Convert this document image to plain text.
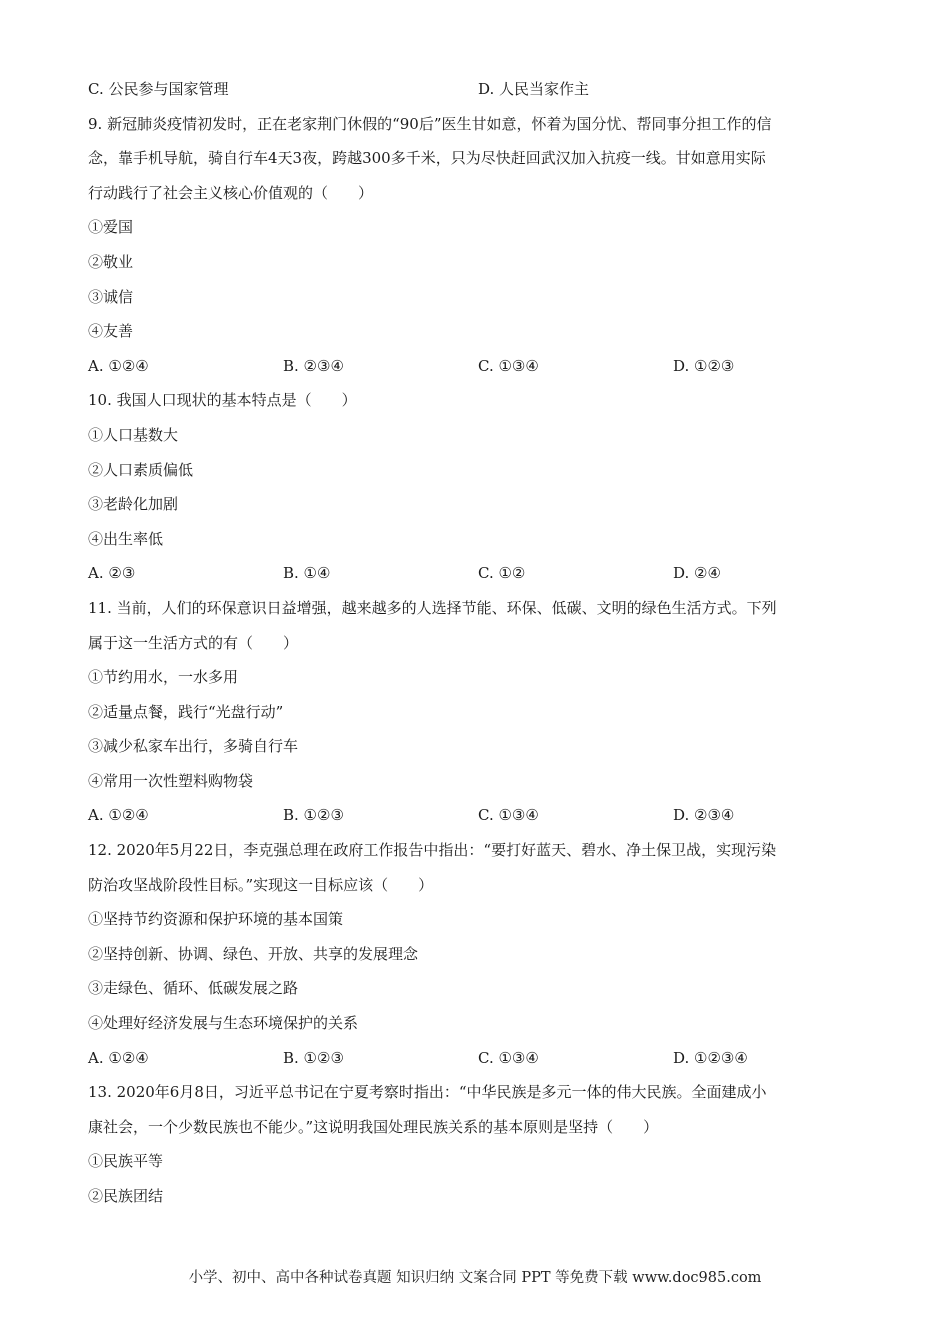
C. 公民参与国家管理	D. 人民当家作主
9. 新冠肺炎疫情初发时，正在老家荆门休假的“90后”医生甘如意，怀着为国分忧、帮同事分担工作的信
念，靠手机导航，骑自行车4天3夜，跨越300多千米，只为尽快赶回武汉加入抗疫一线。甘如意用实际
行动践行了社会主义核心价值观的（　　）
①爱国
②敬业
③诚信
④友善
A. ①②④	B. ②③④	C. ①③④	D. ①②③
10. 我国人口现状的基本特点是（　　）
①人口基数大
②人口素质偏低
③老龄化加剧
④出生率低
A. ②③	B. ①④	C. ①②	D. ②④
11. 当前，人们的环保意识日益增强，越来越多的人选择节能、环保、低碳、文明的绿色生活方式。下列
属于这一生活方式的有（　　）
①节约用水，一水多用
②适量点餐，践行“光盘行动”
③减少私家车出行，多骑自行车
④常用一次性塑料购物袋
A. ①②④	B. ①②③	C. ①③④	D. ②③④
12. 2020年5月22日，李克强总理在政府工作报告中指出：“要打好蓝天、碧水、净土保卫战，实现污染
防治攻坚战阶段性目标。”实现这一目标应该（　　）
①坚持节约资源和保护环境的基本国策
②坚持创新、协调、绿色、开放、共享的发展理念
③走绿色、循环、低碳发展之路
④处理好经济发展与生态环境保护的关系
A. ①②④	B. ①②③	C. ①③④	D. ①②③④
13. 2020年6月8日，习近平总书记在宁夏考察时指出：“中华民族是多元一体的伟大民族。全面建成小
康社会，一个少数民族也不能少。”这说明我国处理民族关系的基本原则是坚持（　　）
①民族平等
②民族团结
小学、初中、高中各种试卷真题 知识归纳 文案合同 PPT 等免费下载 www.doc985.com
